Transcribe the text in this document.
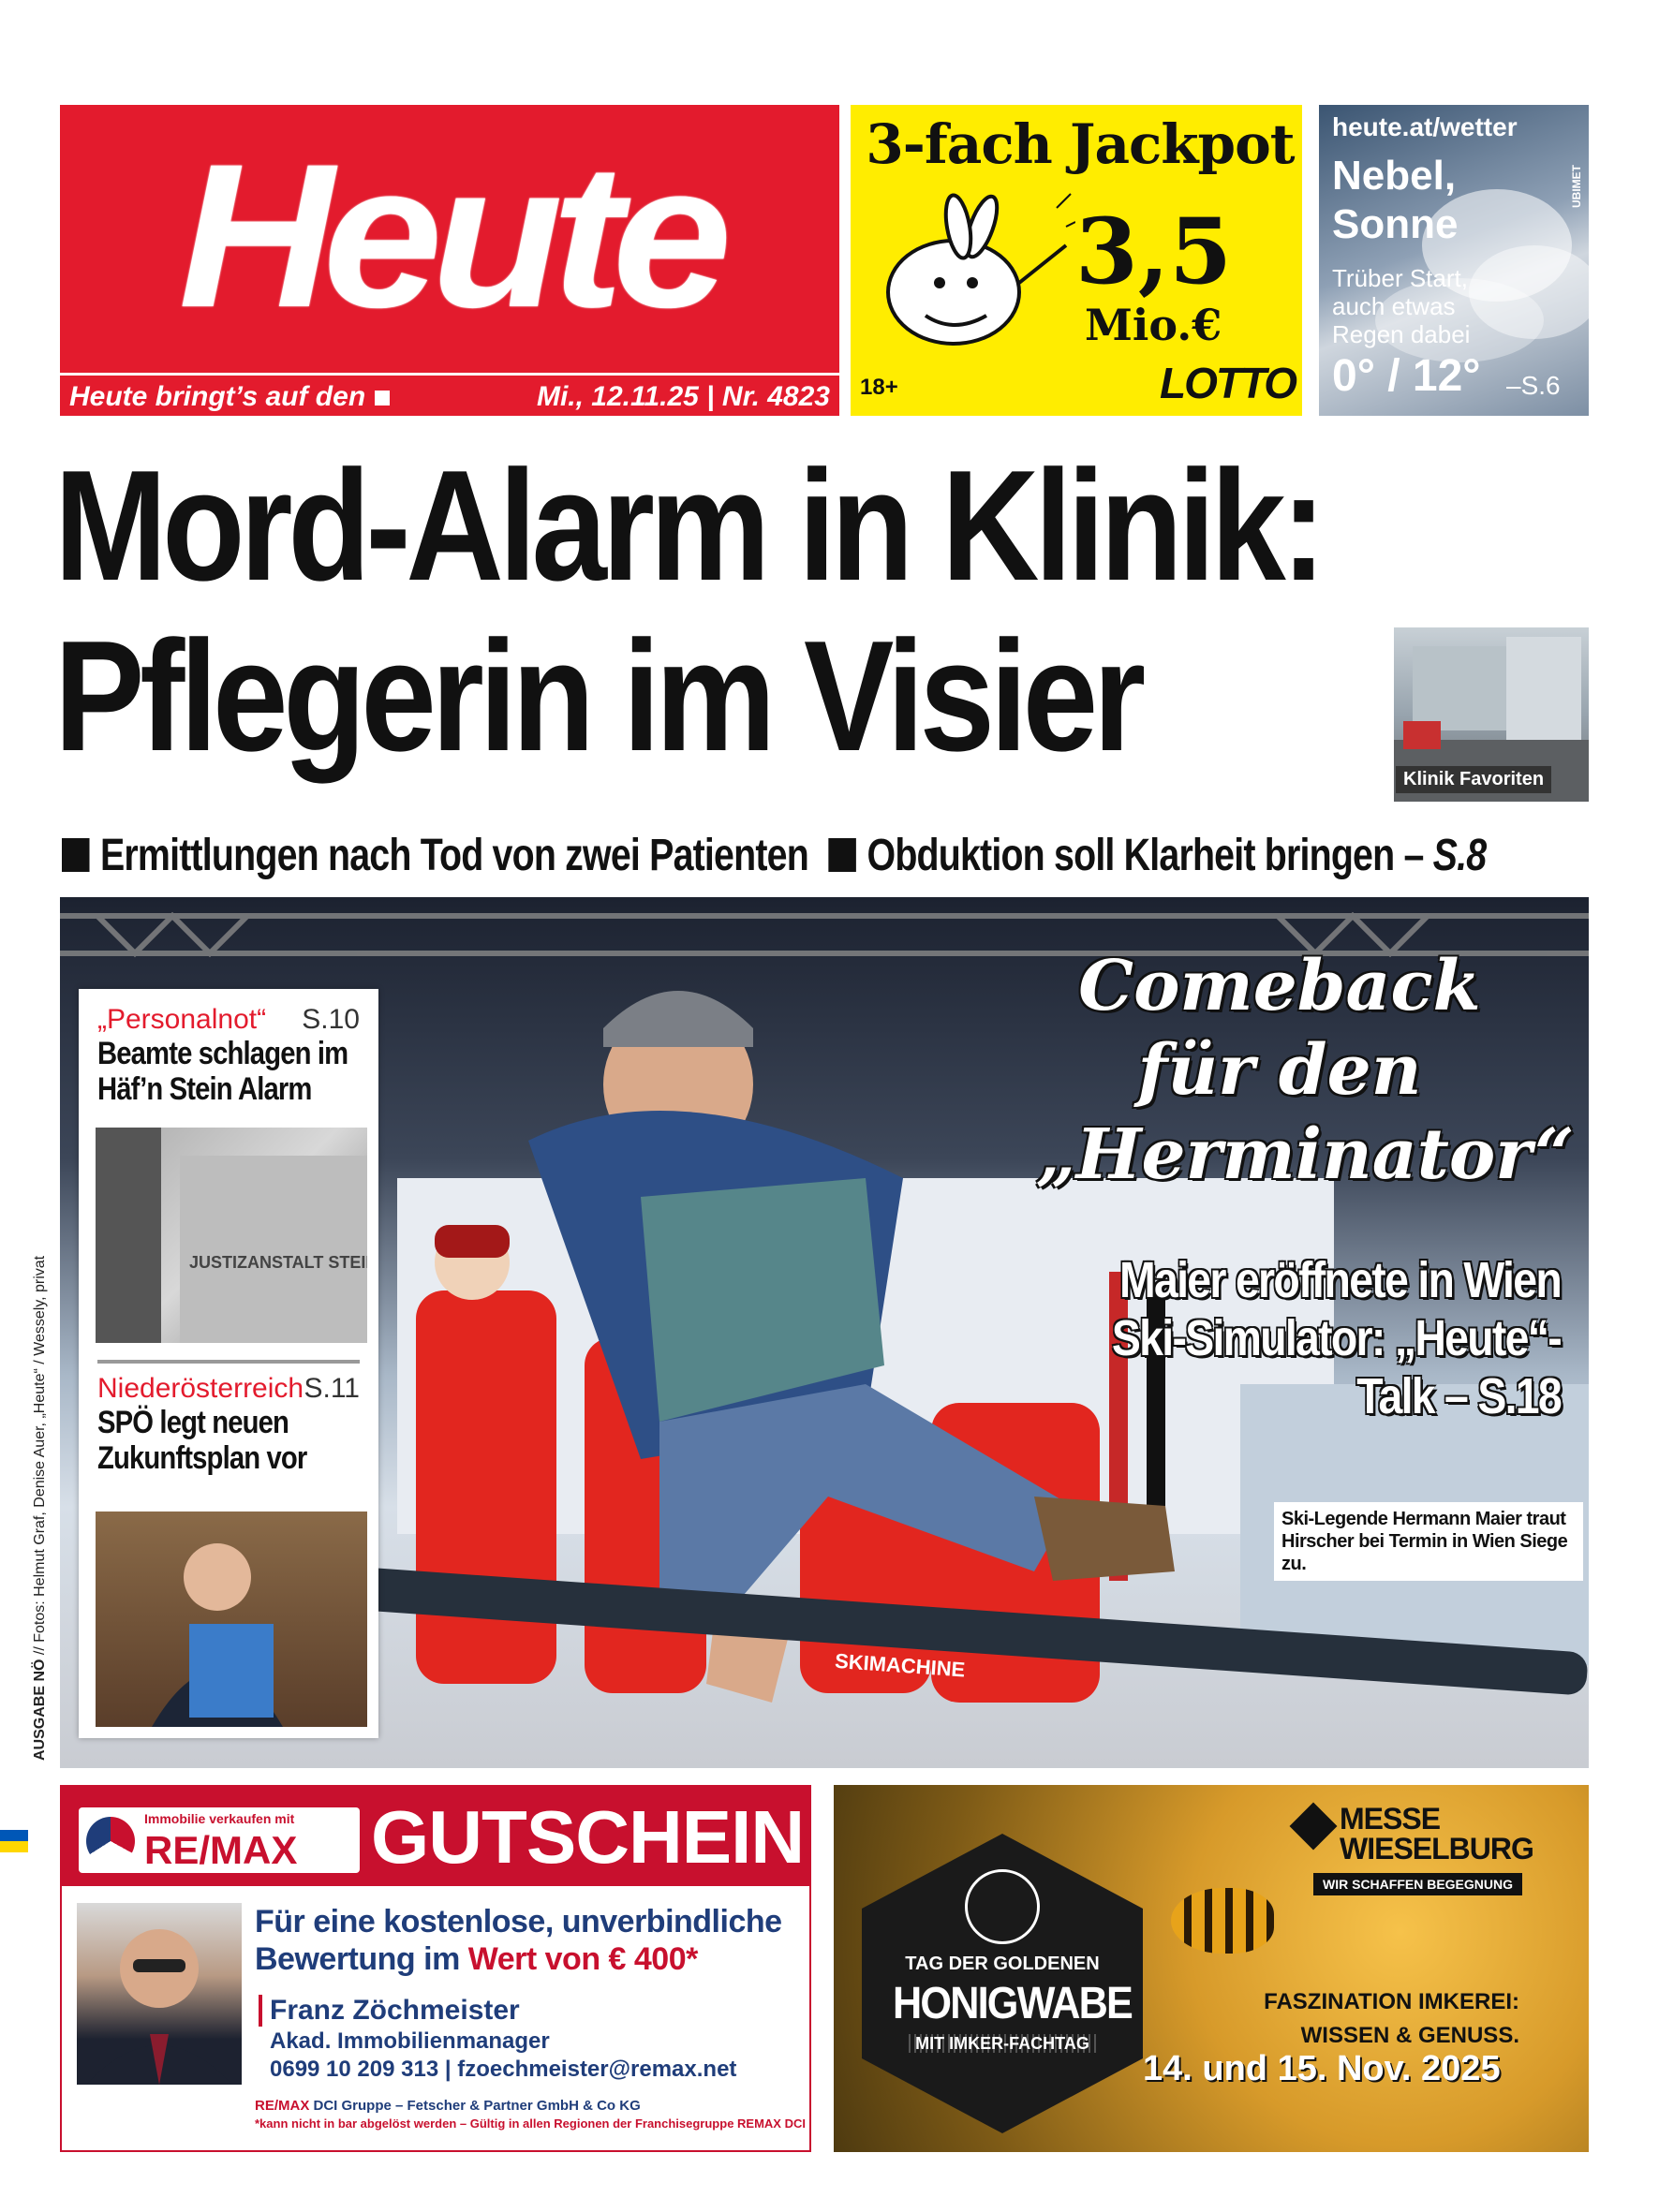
Heute
Heute bringt’s auf den	Mi., 12.11.25 | Nr. 4823
3-fach Jackpot
3,5
Mio.€
18+	LOTTO
heute.at/wetter
Nebel, Sonne
Trüber Start, auch etwas Regen dabei
0° / 12° –S.6
UBIMET
Mord-Alarm in Klinik:
Pflegerin im Visier	Klinik Favoriten
Ermittlungen nach Tod von zwei Patienten Obduktion soll Klarheit bringen – S.8
SKIMACHINE
Comeback für den „Herminator“
Maier eröffnete in Wien Ski-Simulator: „Heute“-Talk – S.18
Ski-Legende Hermann Maier traut Hirscher bei Termin in Wien Siege zu.
AUSGABE NÖ // Fotos: Helmut Graf, Denise Auer, „Heute“ / Wessely, privat
„Personalnot“ S.10
Beamte schlagen im Häf’n Stein Alarm
JUSTIZANSTALT STEIN
Niederösterreich S.11
SPÖ legt neuen Zukunftsplan vor
Immobilie verkaufen mit
RE/MAX GUTSCHEIN
Für eine kostenlose, unverbindliche
Bewertung im Wert von € 400*
Franz Zöchmeister
Akad. Immobilienmanager
0699 10 209 313 | fzoechmeister@remax.net
RE/MAX DCI Gruppe – Fetscher & Partner GmbH & Co KG
*kann nicht in bar abgelöst werden – Gültig in allen Regionen der Franchisegruppe REMAX DCI
TAG DER GOLDENEN
HONIGWABE
MIT IMKER-FACHTAG
MESSE
WIESELBURG
WIR SCHAFFEN BEGEGNUNG
FASZINATION IMKEREI:
WISSEN & GENUSS.
14. und 15. Nov. 2025
